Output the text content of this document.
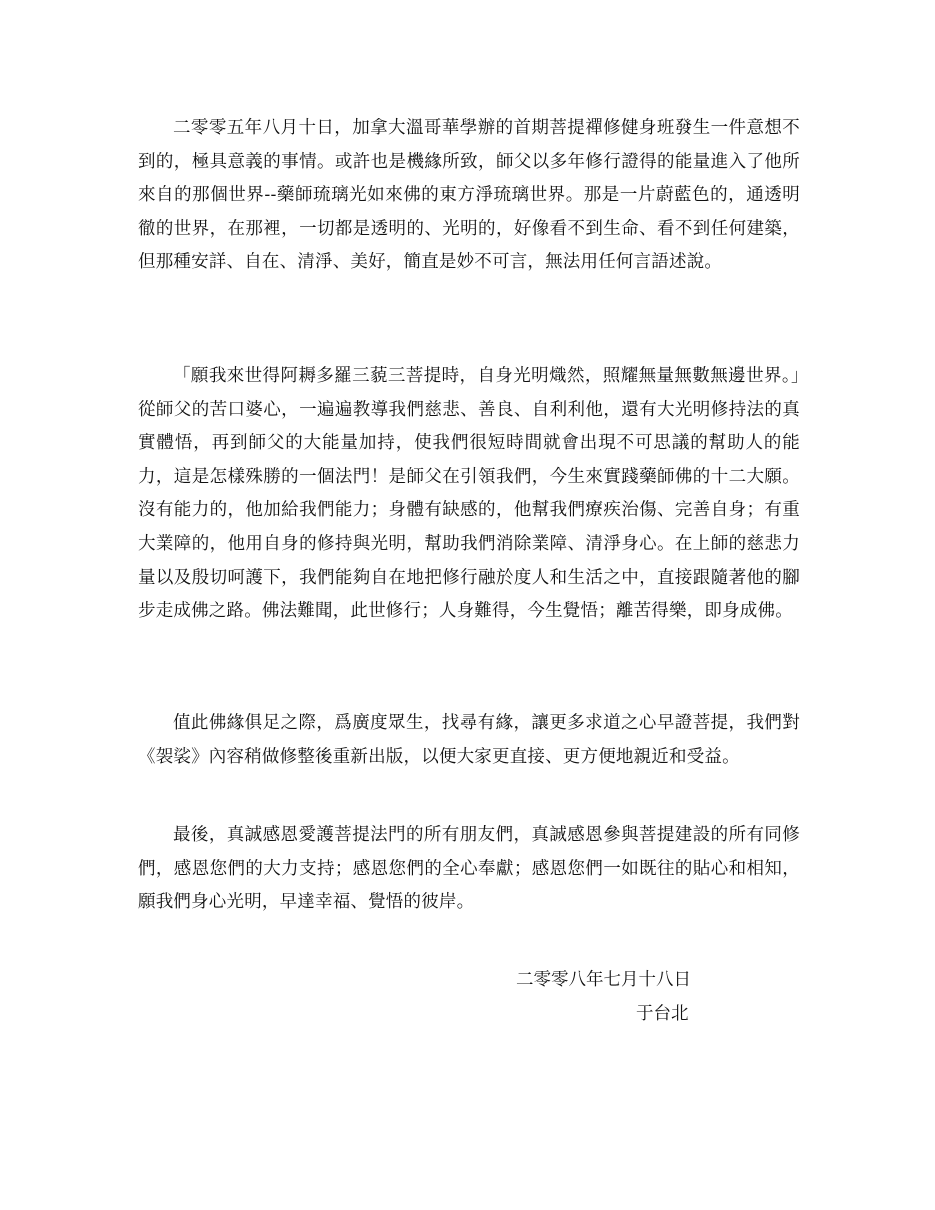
二零零五年八月十日，加拿大溫哥華學辦的首期菩提禪修健身班發生一件意想不到的，極具意義的事情。或許也是機緣所致，師父以多年修行證得的能量進入了他所來自的那個世界--藥師琉璃光如來佛的東方淨琉璃世界。那是一片蔚藍色的，通透明徹的世界，在那裡，一切都是透明的、光明的，好像看不到生命、看不到任何建築，但那種安詳、自在、清淨、美好，簡直是妙不可言，無法用任何言語述說。

「願我來世得阿耨多羅三藐三菩提時，自身光明熾然，照耀無量無數無邊世界。」從師父的苦口婆心，一遍遍教導我們慈悲、善良、自利利他，還有大光明修持法的真實體悟，再到師父的大能量加持，使我們很短時間就會出現不可思議的幫助人的能力，這是怎樣殊勝的一個法門！是師父在引領我們，今生來實踐藥師佛的十二大願。沒有能力的，他加給我們能力；身體有缺感的，他幫我們療疾治傷、完善自身；有重大業障的，他用自身的修持與光明，幫助我們消除業障、清淨身心。在上師的慈悲力量以及殷切呵護下，我們能夠自在地把修行融於度人和生活之中，直接跟隨著他的腳步走成佛之路。佛法難聞，此世修行；人身難得，今生覺悟；離苦得樂，即身成佛。

值此佛緣俱足之際，爲廣度眾生，找尋有緣，讓更多求道之心早證菩提，我們對《袈裟》內容稍做修整後重新出版，以便大家更直接、更方便地親近和受益。

最後，真誠感恩愛護菩提法門的所有朋友們，真誠感恩參與菩提建設的所有同修們，感恩您們的大力支持；感恩您們的全心奉獻；感恩您們一如既往的貼心和相知，願我們身心光明，早達幸福、覺悟的彼岸。

二零零八年七月十八日

于台北
